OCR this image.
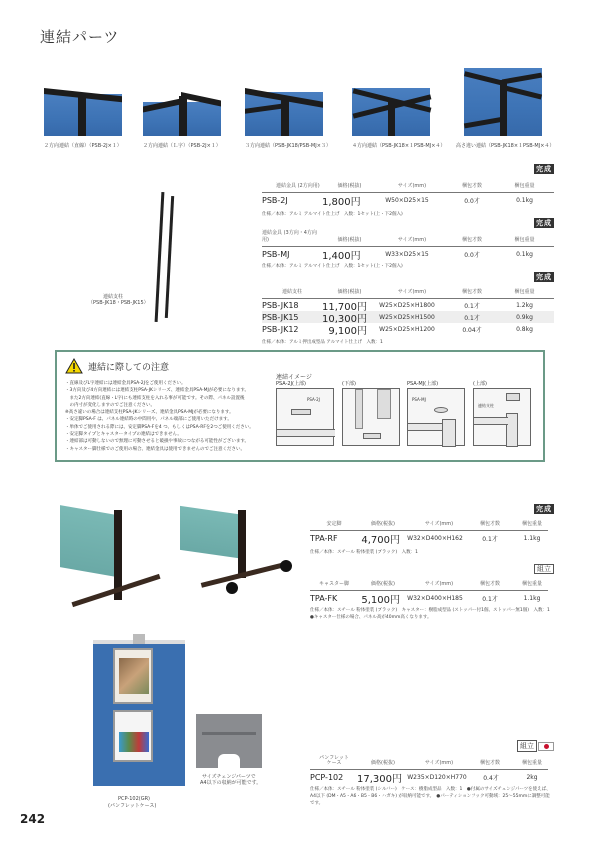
連結パーツ
２方向連結（直線）（PSB-2J×１）	２方向連結（Ｌ字）（PSB-2J×１）	３方向連結（PSB-JK18/PSB-MJ×３）	４方向連結（PSB-JK18×１PSB-MJ×４） 高さ違い連結（PSB-JK18×１PSB-MJ×４）
連結支柱
（PSB-JK18・PSB-JK15）
完成
連結金具 (2方向用)	価格(税抜)	サイズ(mm)	梱包才数	梱包重量
PSB-2J	1,800円	W50×D25×15	0.0才	0.1kg
仕様／本体：アルミ アルマイト仕上げ　入数：1セット(上・下2個入)
完成
連結金具 (3方向・4方向用)	価格(税抜)	サイズ(mm)	梱包才数	梱包重量
PSB-MJ	1,400円	W33×D25×15	0.0才	0.1kg
仕様／本体：アルミ アルマイト仕上げ　入数：1セット(上・下2個入)
完成
連結支柱	価格(税抜)	サイズ(mm)	梱包才数	梱包重量
PSB-JK18	11,700円	W25×D25×H1800	0.1才	1.2kg
PSB-JK15	10,300円	W25×D25×H1500	0.1才	0.9kg
PSB-JK12	9,100円	W25×D25×H1200	0.04才	0.8kg
仕様／本体：アルミ押出成型品 アルマイト仕上げ　入数：1
連結に際しての注意
・直線及びL字連結には連結金具PSA-2Jをご使用ください。
・3方向及び4方向連結には連結支柱PSA-JKシリーズ、連結金具PSA-MJが必要になります。
　また2方向連結(直線・L字)にも連結支柱を入れる事が可能です。その際、パネル設置後
　の内寸が変化しますのでご注意ください。
※高さ違いの場合は連結支柱PSA-JKシリーズ、連結金具PSA-MJが必要になります。
・安定脚PSA-F は、パネル連結時の中間用や、パネル端部にご使用いただけます。
・単体でご使用される際には、安定脚PSA-Fを4 つ、もしくはPSA-RFを2つご使用ください。
・安定脚タイプとキャスタータイプの連結はできません。
・連結部は可動しないので無理に可動させると破損や事故につながる可能性がございます。
・キャスター脚仕様でのご使用の場合、連結金具は使用できませんのでご注意ください。
連結イメージ
PSA-2J(上部)
PSA-2J
(下部)	PSA-MJ(上部)
PSA-MJ
(上部)
連結支柱
完成
安定脚	価格(税抜)	サイズ(mm)	梱包才数	梱包重量
TPA-RF	4,700円	W32×D400×H162	0.1才	1.1kg
仕様／本体：スチール 粉体塗装 (ブラック)　入数：1
組立
キャスター脚	価格(税抜)	サイズ(mm)	梱包才数	梱包重量
TPA-FK	5,100円	W32×D400×H185	0.1才	1.1kg
仕様／本体：スチール 粉体塗装 (ブラック)　キャスター：樹脂成型品 (ストッパー付1個、ストッパー無1個)　入数：1　●キャスター仕様の場合、パネル高が40mm高くなります。
PCP-102(GR)
(パンフレットケース)
サイズチェンジパーツで
A4以下の収納が可能です。
組立
パンフレット
ケース	価格(税抜)	サイズ(mm)	梱包才数	梱包重量
PCP-102	17,300円 W235×D120×H770	0.4才	2kg
仕様／本体：スチール 粉体塗装 (シルバー)　ケース：樹脂成型品　入数：1　●付属のサイズチェンジパーツを使えば、A4以下 (DM・A5・A6・B5・B6・ハガキ) が収納可能です。　●パーティションフック可動域：25～55mmに調整可能です。
242
